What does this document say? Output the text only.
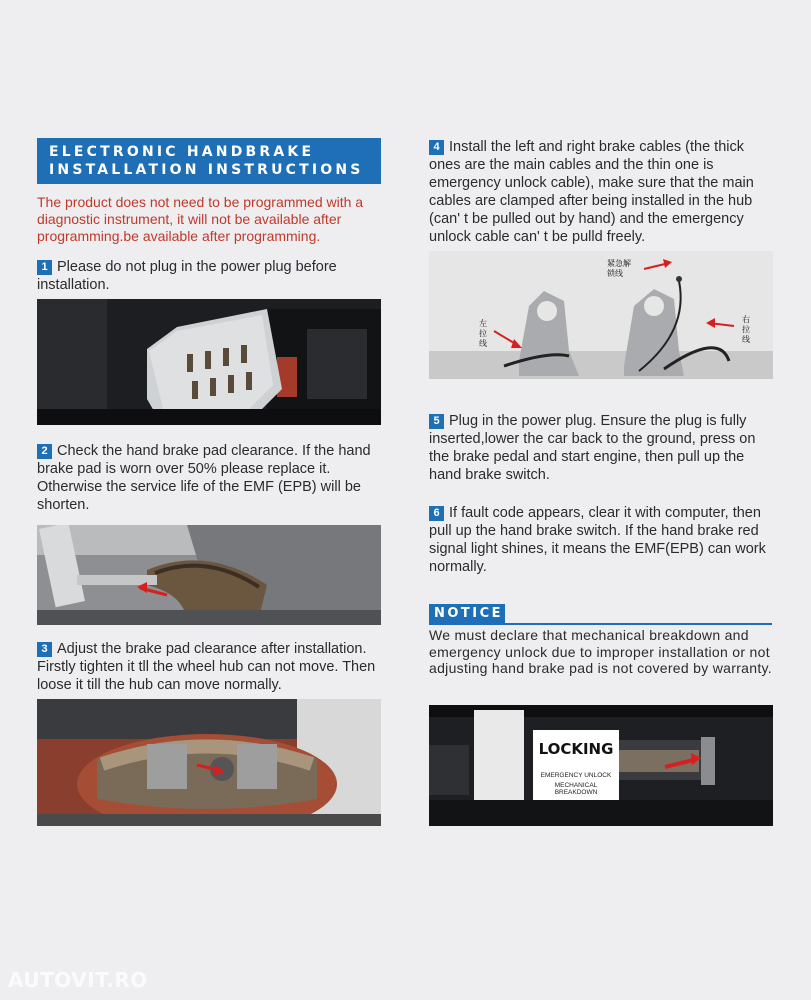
ELECTRONIC HANDBRAKE
INSTALLATION INSTRUCTIONS
The product does not need to be programmed with a diagnostic instrument, it will not be available after programming.be available after programming.
1 Please do not plug in the power plug before installation.
2 Check the hand brake pad clearance. If the hand brake pad is worn over 50% please replace it. Otherwise the service life of the EMF (EPB) will be shorten.
3 Adjust the brake pad clearance after installation. Firstly tighten it tll the wheel hub can not move. Then loose it till the hub can move normally.
4 Install the left and right brake cables (the thick ones are the main cables and the thin one is emergency unlock cable), make sure that the main cables are clamped after being installed in the hub (can' t be pulled out by hand) and the emergency unlock cable can' t be pulld freely.
紧急解锁线
左拉线
右拉线
5 Plug in the power plug. Ensure the plug is fully inserted,lower the car back to the ground, press on the brake pedal and start engine, then pull up the hand brake switch.
6 If fault code appears, clear it with computer, then pull up the hand brake switch. If the hand brake red signal light shines, it means the EMF(EPB) can work normally.
NOTICE
We must declare that mechanical breakdown and emergency unlock due to improper installation or not adjusting hand brake pad is not covered by warranty.
LOCKING
EMERGENCY UNLOCK
MECHANICAL BREAKDOWN
AUTOVIT.RO
